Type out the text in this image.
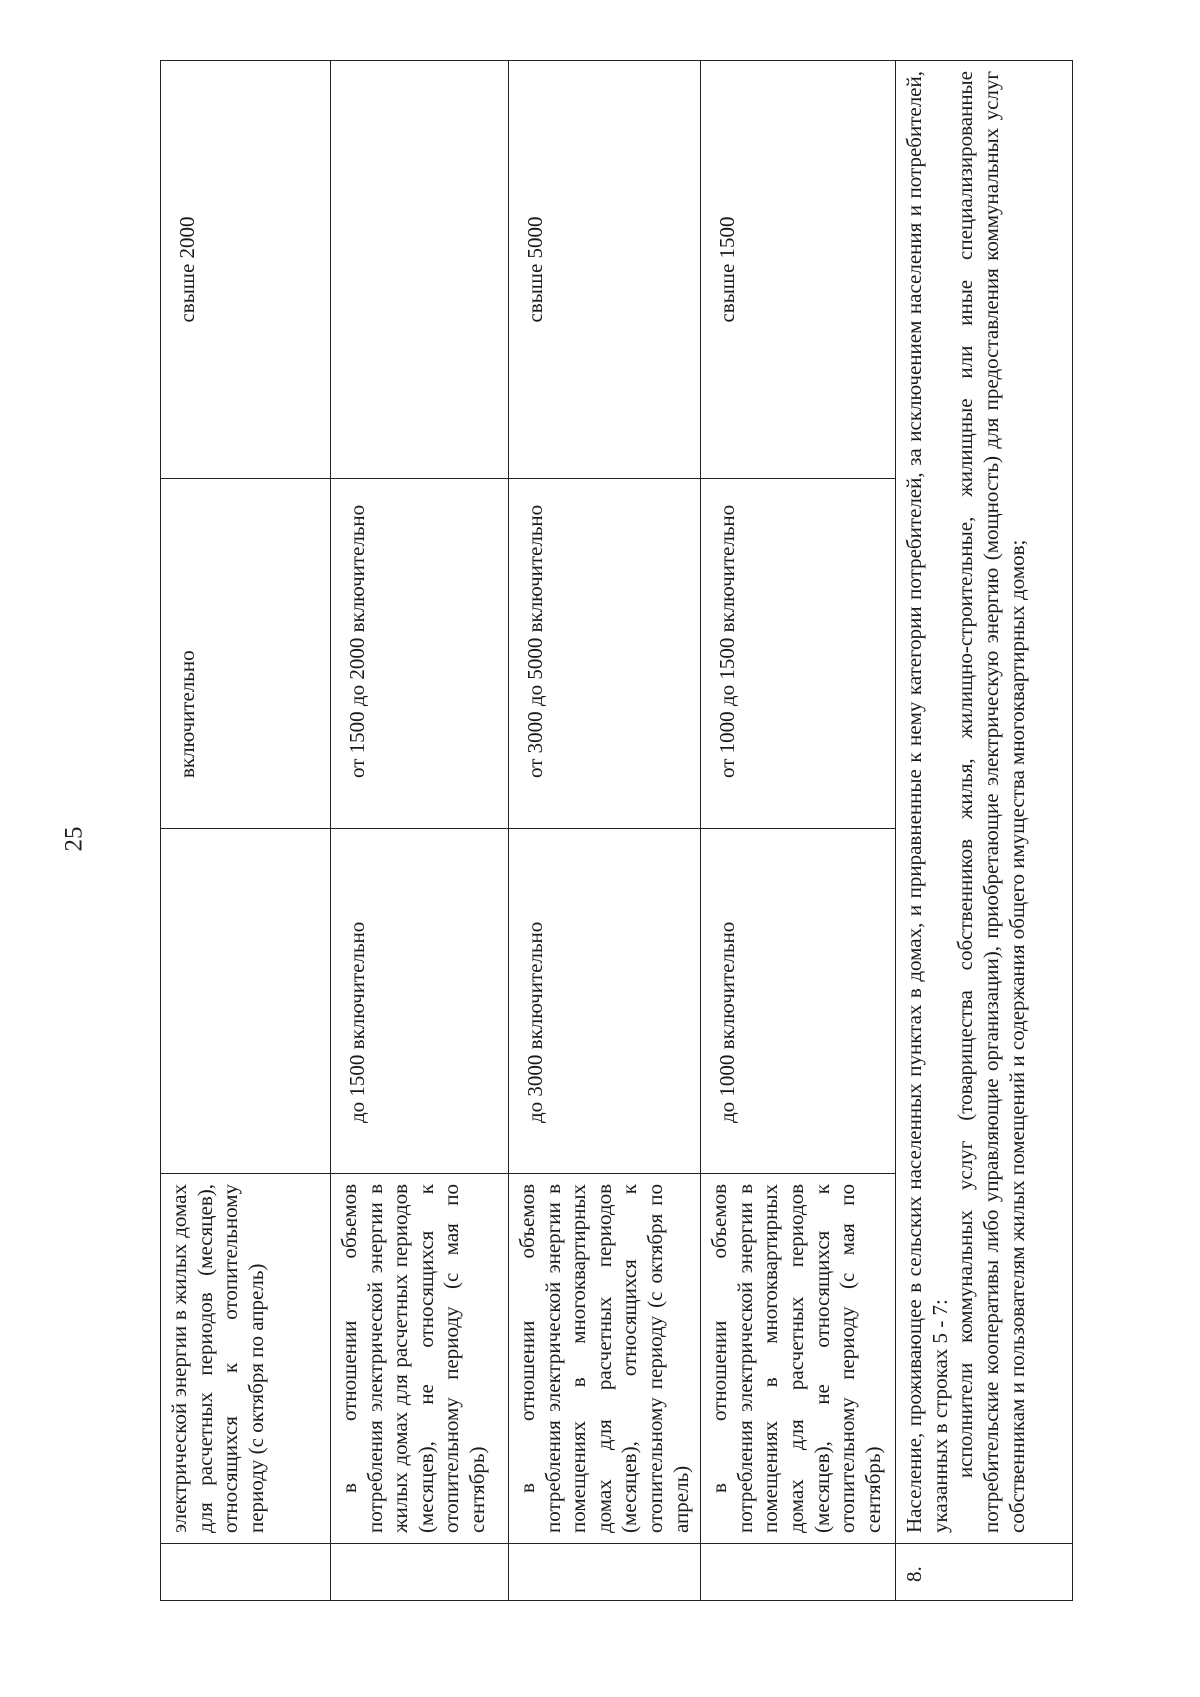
25
	электрической энергии в жилых домах для расчетных периодов (месяцев), относящихся к отопительному периоду (с октября по апрель)		включительно	свыше 2000
	в отношении объемов потребления электрической энергии в жилых домах для расчетных периодов (месяцев), не относящихся к отопительному периоду (с мая по сентябрь)	до 1500 включительно	от 1500 до 2000 включительно	
	в отношении объемов потребления электрической энергии в помещениях в многоквартирных домах для расчетных периодов (месяцев), относящихся к отопительному периоду (с октября по апрель)	до 3000 включительно	от 3000 до 5000 включительно	свыше 5000
	в отношении объемов потребления электрической энергии в помещениях в многоквартирных домах для расчетных периодов (месяцев), не относящихся к отопительному периоду (с мая по сентябрь)	до 1000 включительно	от 1000 до 1500 включительно	свыше 1500
8.	Население, проживающее в сельских населенных пунктах в домах, и приравненные к нему категории потребителей, за исключением населения и потребителей, указанных в строках 5 - 7: исполнители коммунальных услуг (товарищества собственников жилья, жилищно-строительные, жилищные или иные специализированные потребительские кооперативы либо управляющие организации), приобретающие электрическую энергию (мощность) для предоставления коммунальных услуг собственникам и пользователям жилых помещений и содержания общего имущества многоквартирных домов;			
